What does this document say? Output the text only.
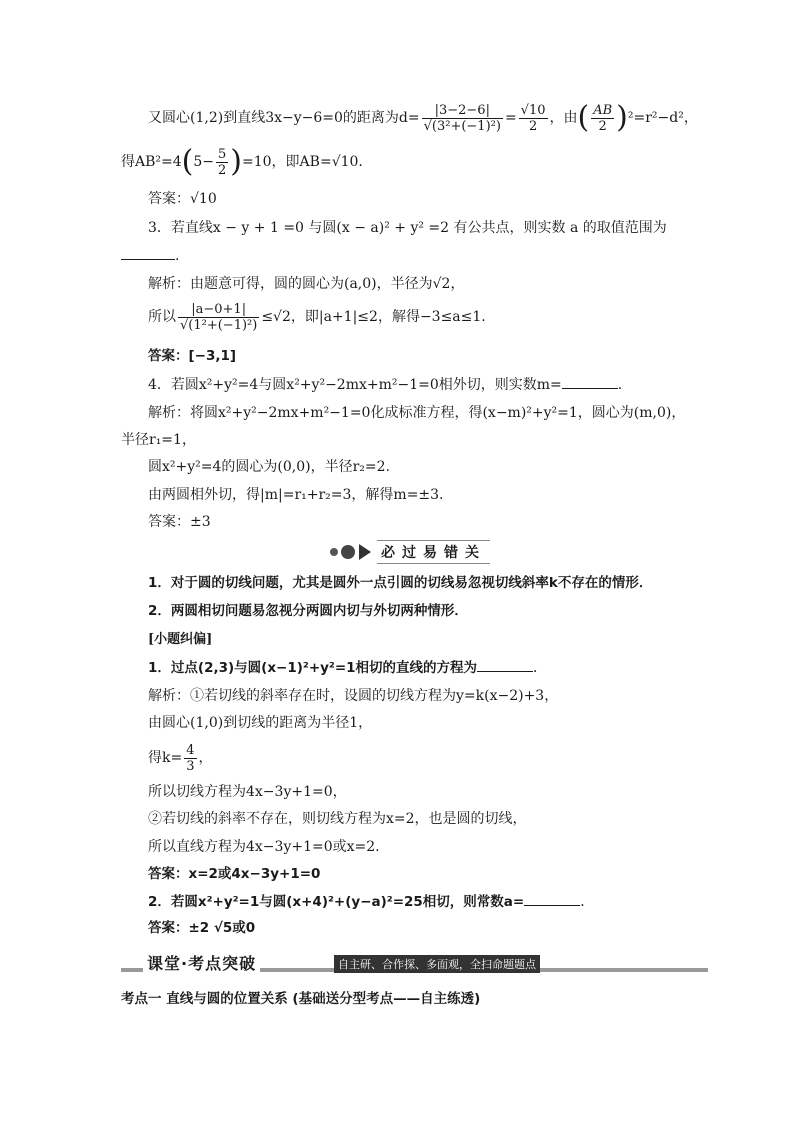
又圆心(1,2)到直线3x−y−6=0的距离为$d= \frac{|3-2-6|}{\text{√(3²+(−1)²)}} = \frac{√10}{2}$ ，由( $\frac{AB}{2} )^2=r^2-d^2$，
得$AB^2=4(5- \frac{5}{2} )=10$，即AB=√10.
答案：√10
3．若直线x − y + 1 =0 与圆(x − a)² + y² =2 有公共点，则实数 a 的取值范围为
.
解析：由题意可得，圆的圆心为(a,0)，半径为√2，
所以 $\frac{|a-0+1|}{\text{√(1²+(−1)²)}} \le√2$，即|a+1|≤2，解得−3≤a≤1.
答案：[−3,1]
4．若圆x²+y²=4与圆x²+y²−2mx+m²−1=0相外切，则实数m=	.
解析：将圆x²+y²−2mx+m²−1=0化成标准方程，得(x−m)²+y²=1，圆心为(m,0)，
半径r₁=1，
圆x²+y²=4的圆心为(0,0)，半径r₂=2.
由两圆相外切，得|m|=r₁+r₂=3，解得m=±3.
答案：±3
必过易错关
1．对于圆的切线问题，尤其是圆外一点引圆的切线易忽视切线斜率k不存在的情形．
2．两圆相切问题易忽视分两圆内切与外切两种情形．
[小题纠偏]
1．过点(2,3)与圆(x−1)²+y²=1相切的直线的方程为	．
解析：①若切线的斜率存在时，设圆的切线方程为y=k(x−2)+3，
由圆心(1,0)到切线的距离为半径1，
得$k= \frac{4}{3}$ ，
所以切线方程为4x−3y+1=0，
②若切线的斜率不存在，则切线方程为x=2，也是圆的切线，
所以直线方程为4x−3y+1=0或x=2.
答案：x=2或4x−3y+1=0
2．若圆x²+y²=1与圆(x+4)²+(y−a)²=25相切，则常数a=	．
答案：±2 √5或0
课堂·考点突破	自主研、合作探、多面观，全扫命题题点
考点一 直线与圆的位置关系 (基础送分型考点——自主练透)
